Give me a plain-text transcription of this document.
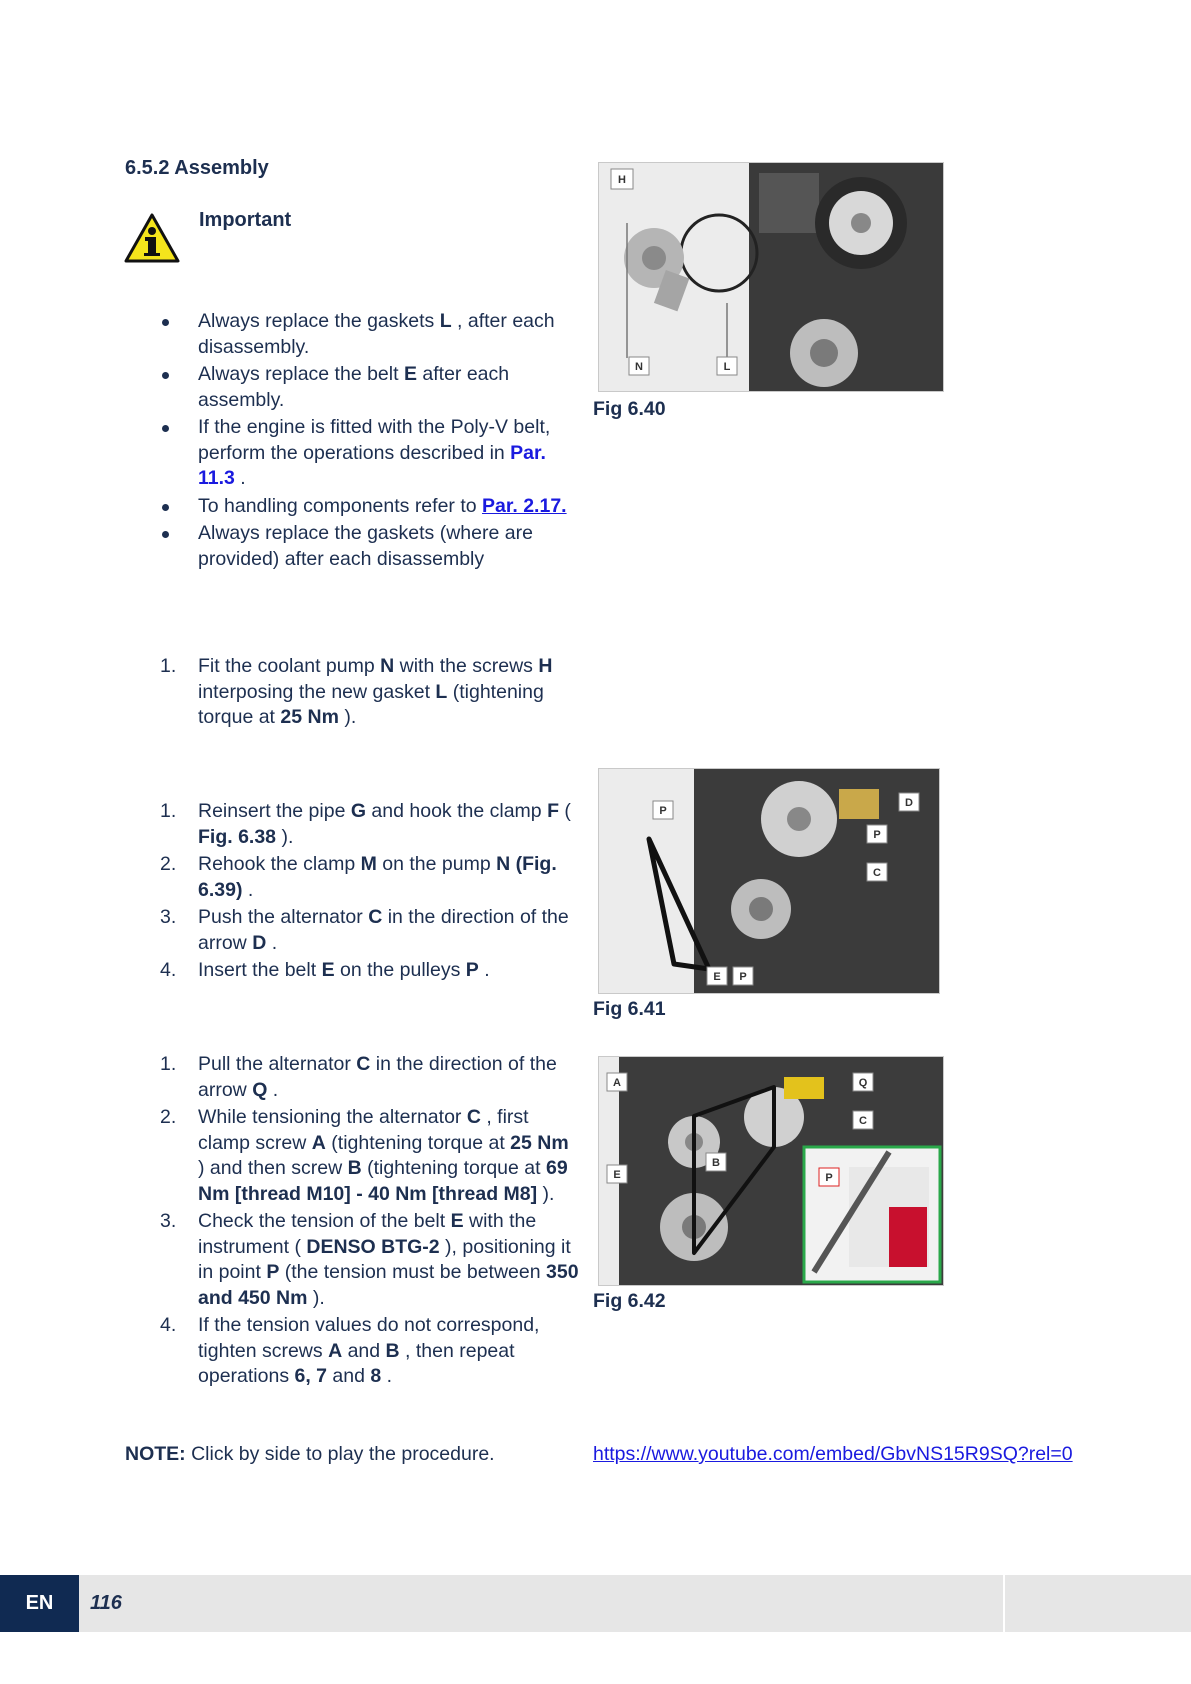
6.5.2 Assembly
Important
Always replace the gaskets L , after each disassembly.
Always replace the belt E after each assembly.
If the engine is fitted with the Poly-V belt, perform the operations described in Par. 11.3 .
To handling components refer to Par. 2.17.
Always replace the gaskets (where are provided) after each disassembly
1.	Fit the coolant pump N with the screws H interposing the new gasket L (tightening torque at 25 Nm ).
1.	Reinsert the pipe G and hook the clamp F ( Fig. 6.38 ).
2.	Rehook the clamp M on the pump N (Fig. 6.39) .
3.	Push the alternator C in the direction of the arrow D .
4.	Insert the belt E on the pulleys P .
1.	Pull the alternator C in the direction of the arrow Q .
2.	While tensioning the alternator C , first clamp screw A (tightening torque at 25 Nm ) and then screw B (tightening torque at 69 Nm [thread M10] - 40 Nm [thread M8] ).
3.	Check the tension of the belt E with the instrument ( DENSO BTG-2 ), positioning it in point P (the tension must be between 350 and 450 Nm ).
4.	If the tension values do not correspond, tighten screws A and B , then repeat operations 6, 7 and 8 .
H
N	L
Fig 6.40
P
D
P
C
E P
Fig 6.41
A	Q
C
E
B
P
Fig 6.42
NOTE: Click by side to play the procedure.	https://www.youtube.com/embed/GbvNS15R9SQ?rel=0
EN	116
